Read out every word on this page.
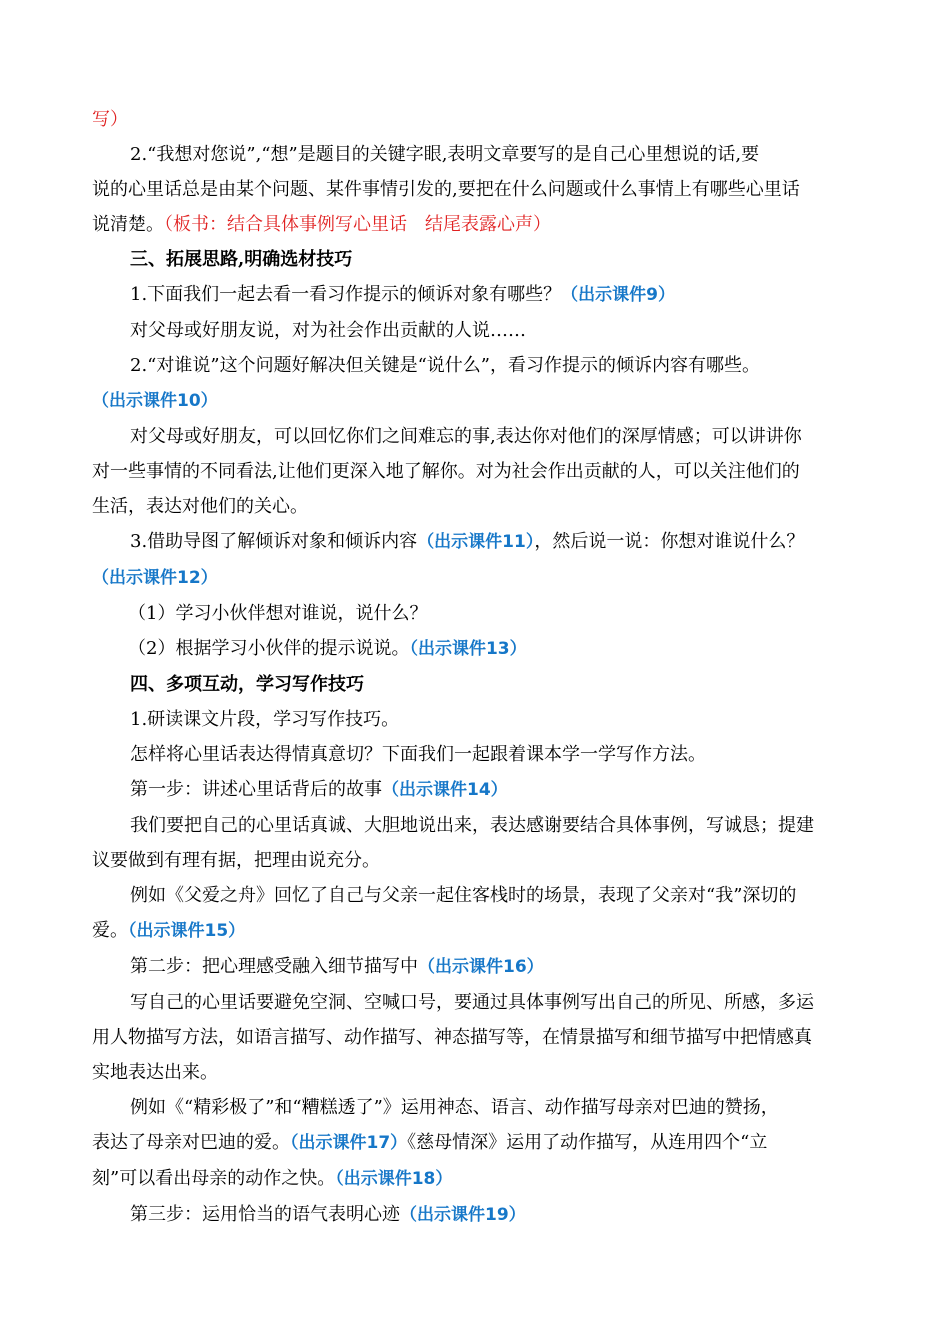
写）

2.“我想对您说”,“想”是题目的关键字眼,表明文章要写的是自己心里想说的话,要

说的心里话总是由某个问题、某件事情引发的,要把在什么问题或什么事情上有哪些心里话

说清楚。（板书：结合具体事例写心里话　结尾表露心声）

三、拓展思路,明确选材技巧

1.下面我们一起去看一看习作提示的倾诉对象有哪些？（出示课件9）

对父母或好朋友说，对为社会作出贡献的人说……

2.“对谁说”这个问题好解决但关键是“说什么”，看习作提示的倾诉内容有哪些。

（出示课件10）

对父母或好朋友，可以回忆你们之间难忘的事,表达你对他们的深厚情感；可以讲讲你

对一些事情的不同看法,让他们更深入地了解你。对为社会作出贡献的人，可以关注他们的

生活，表达对他们的关心。

3.借助导图了解倾诉对象和倾诉内容（出示课件11），然后说一说：你想对谁说什么？

（出示课件12）

（1）学习小伙伴想对谁说，说什么？

（2）根据学习小伙伴的提示说说。（出示课件13）

四、多项互动，学习写作技巧

1.研读课文片段，学习写作技巧。

怎样将心里话表达得情真意切？下面我们一起跟着课本学一学写作方法。

第一步：讲述心里话背后的故事（出示课件14）

我们要把自己的心里话真诚、大胆地说出来，表达感谢要结合具体事例，写诚恳；提建

议要做到有理有据，把理由说充分。

例如《父爱之舟》回忆了自己与父亲一起住客栈时的场景，表现了父亲对“我”深切的

爱。（出示课件15）

第二步：把心理感受融入细节描写中（出示课件16）

写自己的心里话要避免空洞、空喊口号，要通过具体事例写出自己的所见、所感，多运

用人物描写方法，如语言描写、动作描写、神态描写等，在情景描写和细节描写中把情感真

实地表达出来。

例如《“精彩极了”和“糟糕透了”》运用神态、语言、动作描写母亲对巴迪的赞扬，

表达了母亲对巴迪的爱。（出示课件17）《慈母情深》运用了动作描写，从连用四个“立

刻”可以看出母亲的动作之快。（出示课件18）

第三步：运用恰当的语气表明心迹（出示课件19）
